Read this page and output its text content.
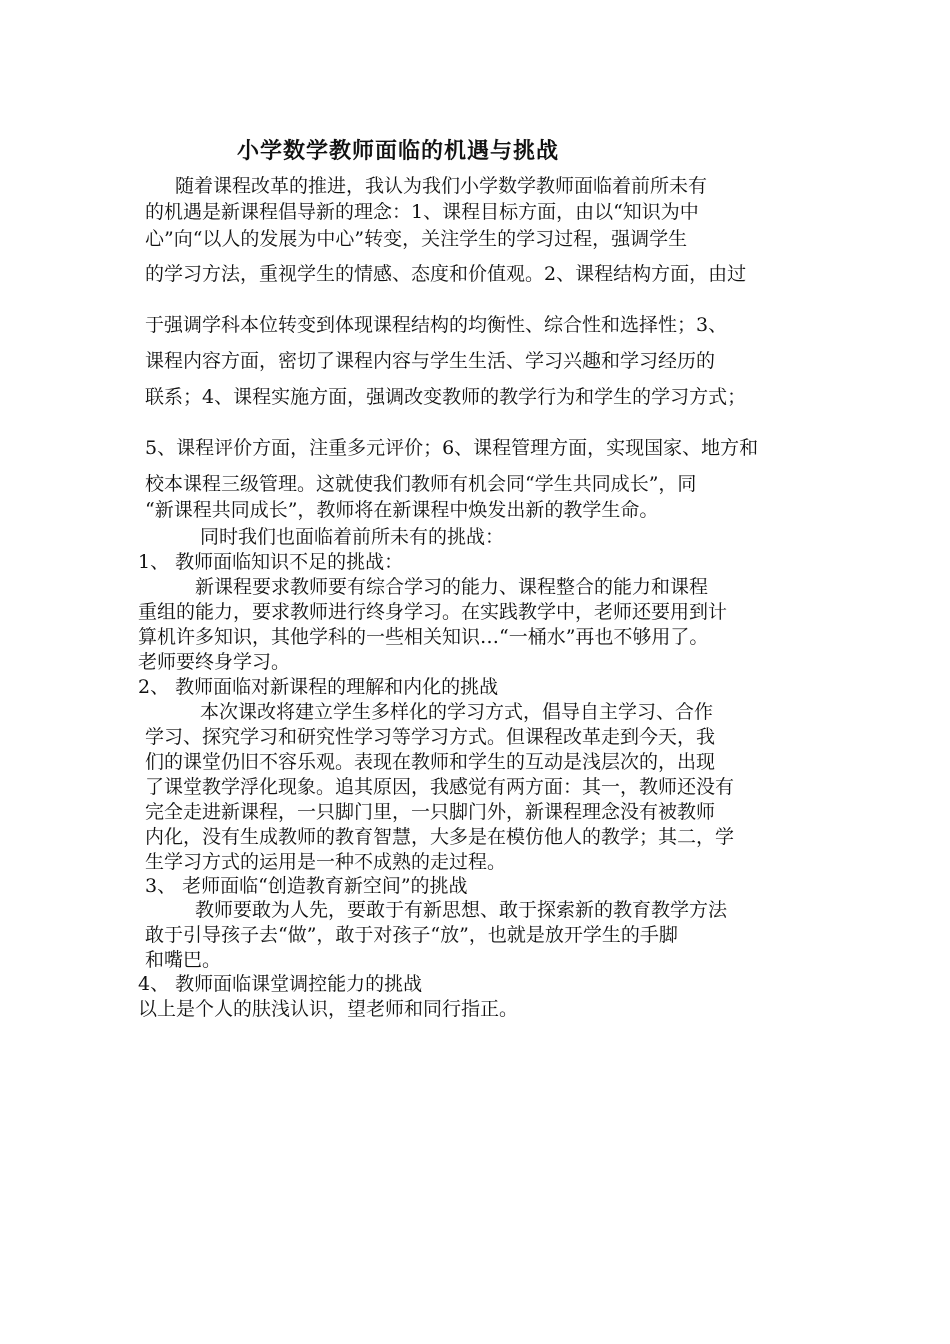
小学数学教师面临的机遇与挑战
随着课程改革的推进，我认为我们小学数学教师面临着前所未有
的机遇是新课程倡导新的理念：1、课程目标方面，由以“知识为中
心”向“以人的发展为中心”转变，关注学生的学习过程，强调学生
的学习方法，重视学生的情感、态度和价值观。2、课程结构方面，由过
于强调学科本位转变到体现课程结构的均衡性、综合性和选择性；3、
课程内容方面，密切了课程内容与学生生活、学习兴趣和学习经历的
联系；4、课程实施方面，强调改变教师的教学行为和学生的学习方式；
5、课程评价方面，注重多元评价；6、课程管理方面，实现国家、地方和
校本课程三级管理。这就使我们教师有机会同“学生共同成长”，同
“新课程共同成长”，教师将在新课程中焕发出新的教学生命。
同时我们也面临着前所未有的挑战：
1、 教师面临知识不足的挑战：
新课程要求教师要有综合学习的能力、课程整合的能力和课程
重组的能力，要求教师进行终身学习。在实践教学中，老师还要用到计
算机许多知识，其他学科的一些相关知识…“一桶水”再也不够用了。
老师要终身学习。
2、 教师面临对新课程的理解和内化的挑战
本次课改将建立学生多样化的学习方式，倡导自主学习、合作
学习、探究学习和研究性学习等学习方式。但课程改革走到今天，我
们的课堂仍旧不容乐观。表现在教师和学生的互动是浅层次的，出现
了课堂教学浮化现象。追其原因，我感觉有两方面：其一，教师还没有
完全走进新课程，一只脚门里，一只脚门外，新课程理念没有被教师
内化，没有生成教师的教育智慧，大多是在模仿他人的教学；其二，学
生学习方式的运用是一种不成熟的走过程。
3、 老师面临“创造教育新空间”的挑战
教师要敢为人先，要敢于有新思想、敢于探索新的教育教学方法
敢于引导孩子去“做”，敢于对孩子“放”，也就是放开学生的手脚
和嘴巴。
4、 教师面临课堂调控能力的挑战
以上是个人的肤浅认识，望老师和同行指正。
